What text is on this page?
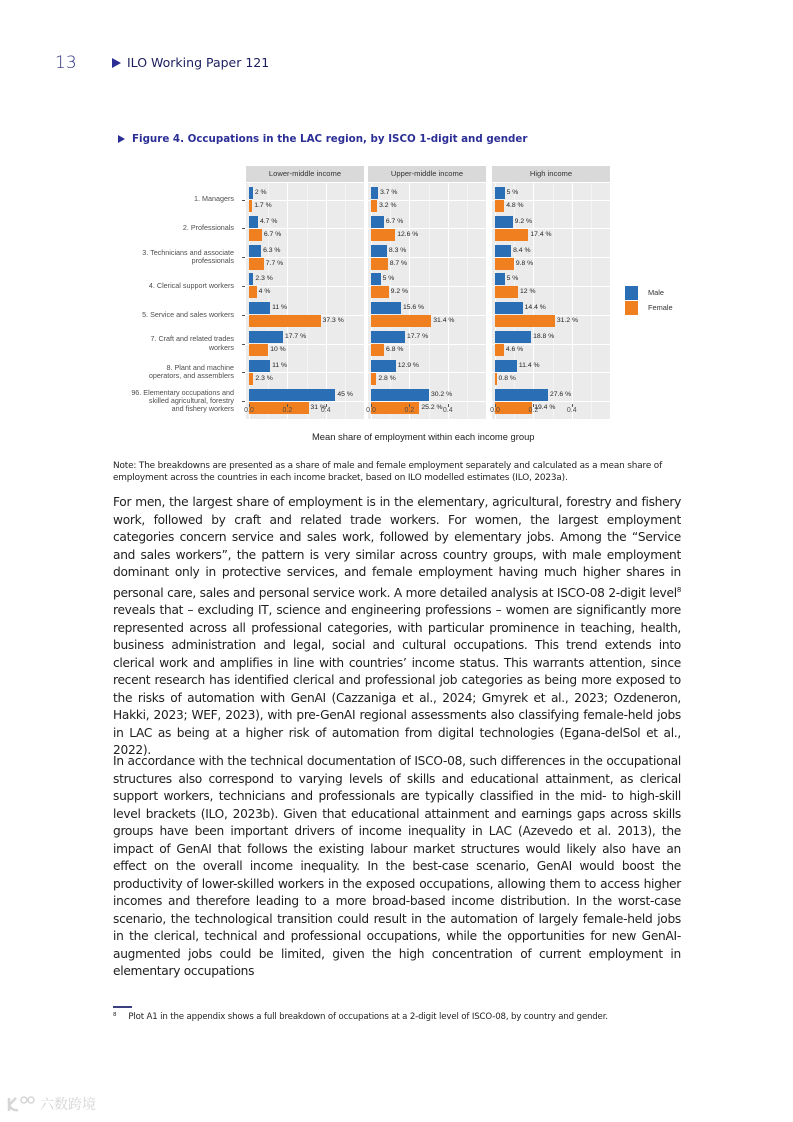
13	ILO Working Paper 121
Figure 4. Occupations in the LAC region, by ISCO 1-digit and gender
1. Managers
2. Professionals
3. Technicians and associate
professionals
4. Clerical support workers
5. Service and sales workers
7. Craft and related trades
workers
8. Plant and machine
operators, and assemblers
96. Elementary occupations and
skilled agricultural, forestry
and fishery workers
Lower-middle income
2 %
1.7 %
4.7 %
6.7 %
6.3 %
7.7 %
2.3 %
4 %
11 %
37.3 %
17.7 %
10 %
11 %
2.3 %
45 %
31 %
0.0	0.2	0.4
Upper-middle income
3.7 %
3.2 %
6.7 %
12.6 %
8.3 %
8.7 %
5 %
9.2 %
15.6 %
31.4 %
17.7 %
6.8 %
12.9 %
2.8 %
30.2 %
25.2 %
0.0	0.2	0.4
High income
5 %
4.8 %
9.2 %
17.4 %
8.4 %
9.8 %
5 %
12 %
14.4 %
31.2 %
18.8 %
4.6 %
11.4 %
0.8 %
27.6 %
19.4 %
0.0	0.2	0.4
Mean share of employment within each income group
Male
Female
Note: The breakdowns are presented as a share of male and female employment separately and calculated as a mean share of employment across the countries in each income bracket, based on ILO modelled estimates (ILO, 2023a).
For men, the largest share of employment is in the elementary, agricultural, forestry and fishery work, followed by craft and related trade workers. For women, the largest employment categories concern service and sales work, followed by elementary jobs. Among the “Service and sales workers”, the pattern is very similar across country groups, with male employment dominant only in protective services, and female employment having much higher shares in personal care, sales and personal service work. A more detailed analysis at ISCO-08 2-digit level$^8$ reveals that – excluding IT, science and engineering professions – women are significantly more represented across all professional categories, with particular prominence in teaching, health, business administration and legal, social and cultural occupations. This trend extends into clerical work and amplifies in line with countries’ income status. This warrants attention, since recent research has identified clerical and professional job categories as being more exposed to the risks of automation with GenAI (Cazzaniga et al., 2024; Gmyrek et al., 2023; Ozdeneron, Hakki, 2023; WEF, 2023), with pre-GenAI regional assessments also classifying female-held jobs in LAC as being at a higher risk of automation from digital technologies (Egana-delSol et al., 2022).
In accordance with the technical documentation of ISCO-08, such differences in the occupational structures also correspond to varying levels of skills and educational attainment, as clerical support workers, technicians and professionals are typically classified in the mid- to high-skill level brackets (ILO, 2023b). Given that educational attainment and earnings gaps across skills groups have been important drivers of income inequality in LAC (Azevedo et al. 2013), the impact of GenAI that follows the existing labour market structures would likely also have an effect on the overall income inequality. In the best-case scenario, GenAI would boost the productivity of lower-skilled workers in the exposed occupations, allowing them to access higher incomes and therefore leading to a more broad-based income distribution. In the worst-case scenario, the technological transition could result in the automation of largely female-held jobs in the clerical, technical and professional occupations, while the opportunities for new GenAI-augmented jobs could be limited, given the high concentration of current employment in elementary occupations
8 Plot A1 in the appendix shows a full breakdown of occupations at a 2-digit level of ISCO-08, by country and gender.
六数跨境
